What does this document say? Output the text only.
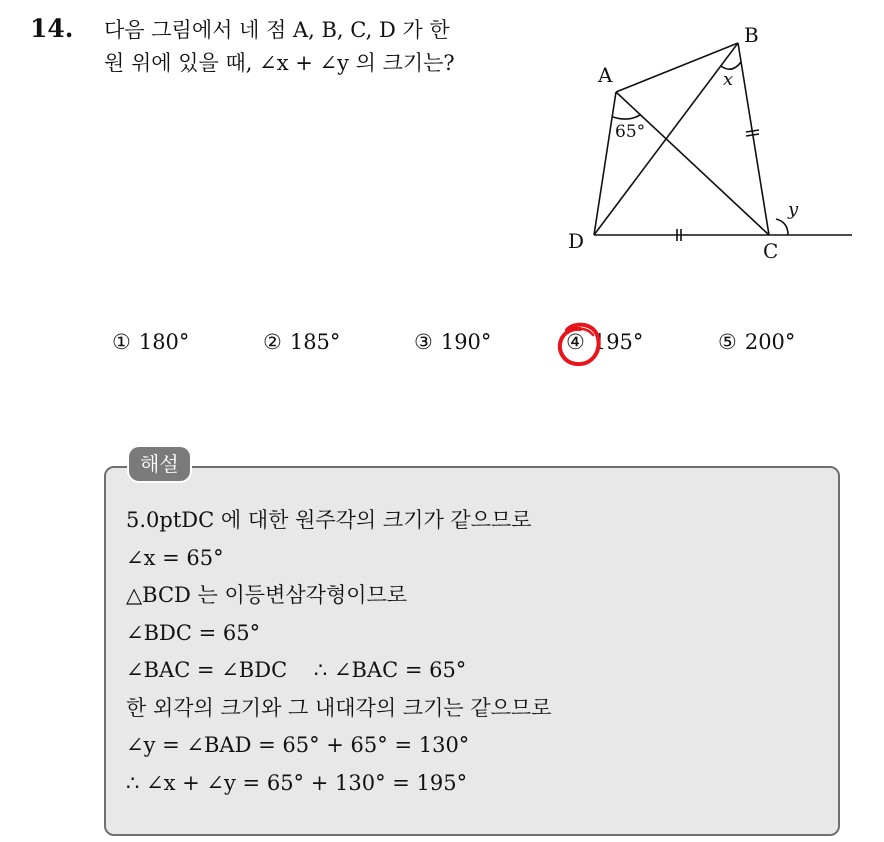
14. 다음 그림에서 네 점 A, B, C, D 가 한
원 위에 있을 때, ∠x + ∠y 의 크기는?	A
B
C
D
x
y
65°
① 180°	② 185°	③ 190°	④ 195°	⑤ 200°
해설
5.0ptDC 에 대한 원주각의 크기가 같으므로
∠x = 65°
△BCD 는 이등변삼각형이므로
∠BDC = 65°
∠BAC = ∠BDC    ∴ ∠BAC = 65°
한 외각의 크기와 그 내대각의 크기는 같으므로
∠y = ∠BAD = 65° + 65° = 130°
∴ ∠x + ∠y = 65° + 130° = 195°
